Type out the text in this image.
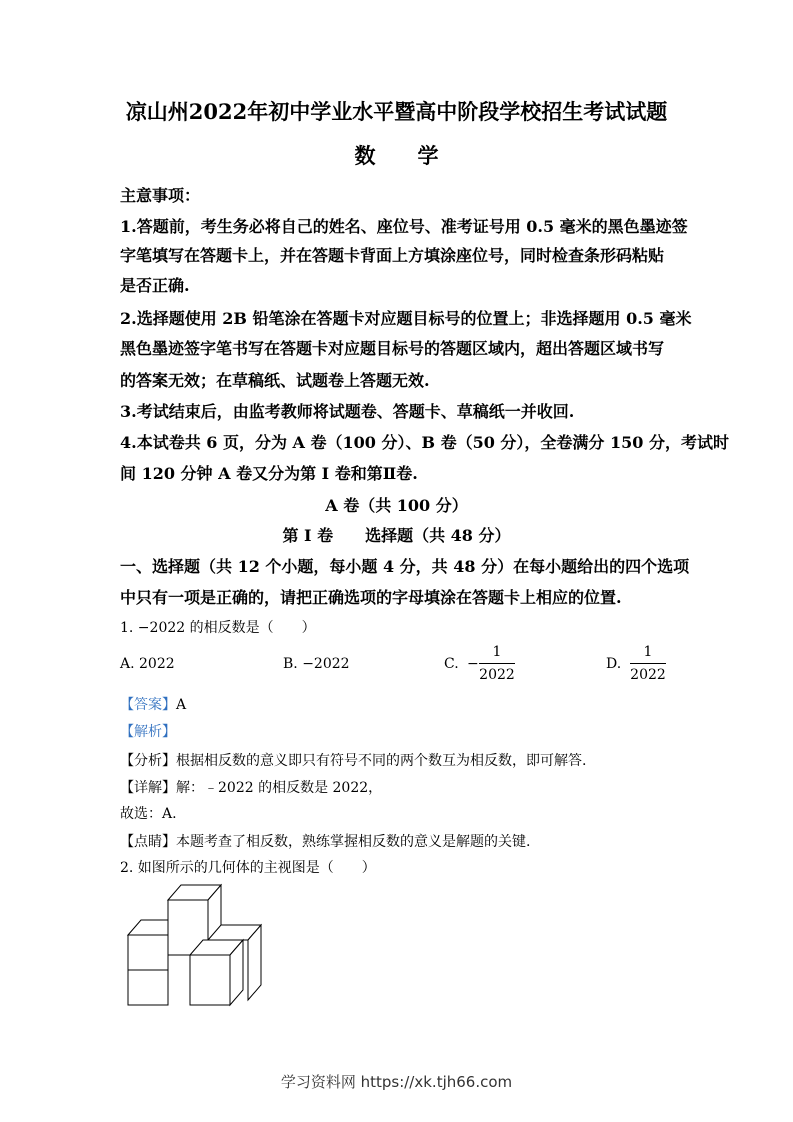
凉山州2022年初中学业水平暨高中阶段学校招生考试试题
数　　学
主意事项：
1.答题前，考生务必将自己的姓名、座位号、准考证号用 0.5 毫米的黑色墨迹签
字笔填写在答题卡上，并在答题卡背面上方填涂座位号，同时检查条形码粘贴
是否正确.
2.选择题使用 2B 铅笔涂在答题卡对应题目标号的位置上；非选择题用 0.5 毫米
黑色墨迹签字笔书写在答题卡对应题目标号的答题区域内，超出答题区域书写
的答案无效；在草稿纸、试题卷上答题无效.
3.考试结束后，由监考教师将试题卷、答题卡、草稿纸一并收回.
4.本试卷共 6 页，分为 A 卷（100 分）、B 卷（50 分），全卷满分 150 分，考试时
间 120 分钟 A 卷又分为第 I 卷和第Ⅱ卷.
A 卷（共 100 分）
第 I 卷　　选择题（共 48 分）
一、选择题（共 12 个小题，每小题 4 分，共 48 分）在每小题给出的四个选项
中只有一项是正确的，请把正确选项的字母填涂在答题卡上相应的位置.
1. −2022 的相反数是（　　）
A. 2022	B. −2022	C. −
1
2022
D.
1
2022
【答案】A
【解析】
【分析】根据相反数的意义即只有符号不同的两个数互为相反数，即可解答.
【详解】解：﹣2022 的相反数是 2022，
故选：A.
【点睛】本题考查了相反数，熟练掌握相反数的意义是解题的关键.
2. 如图所示的几何体的主视图是（　　）
学习资料网 https://xk.tjh66.com
